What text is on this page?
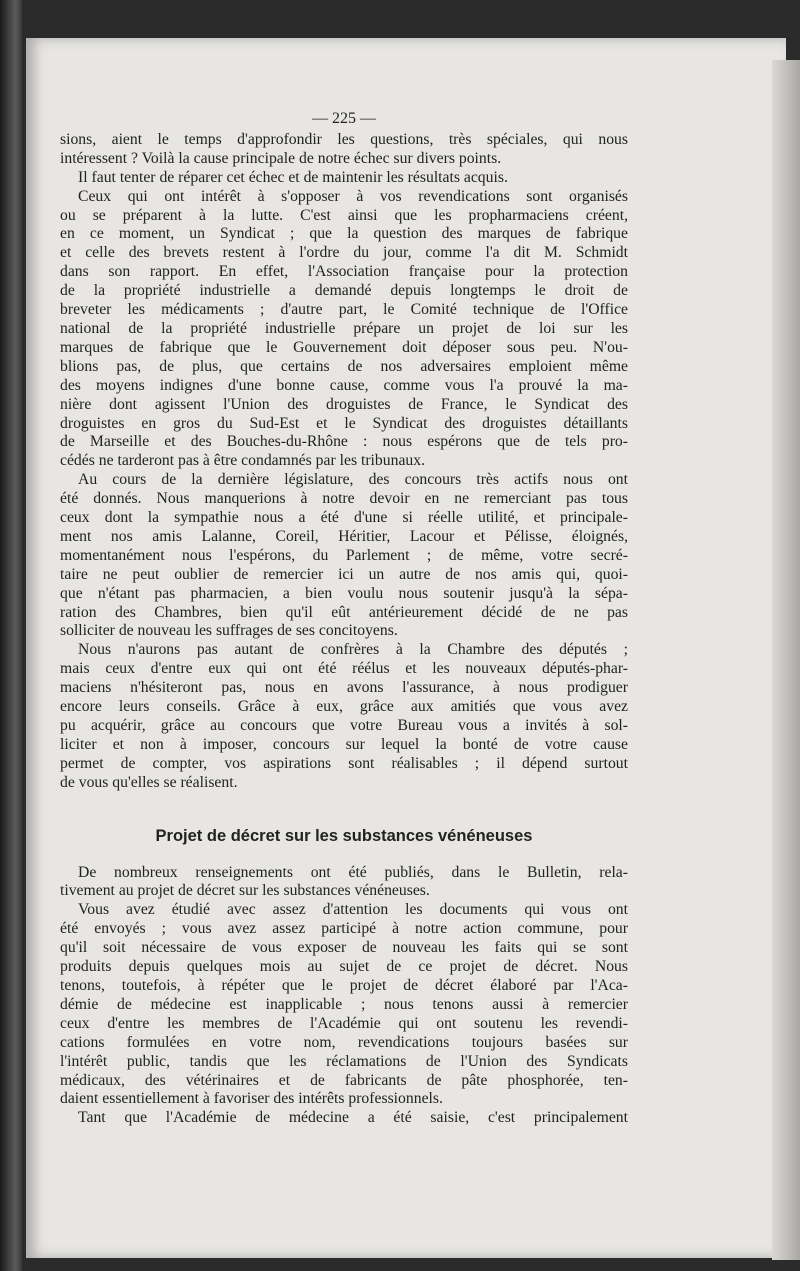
— 225 —
sions, aient le temps d'approfondir les questions, très spéciales, qui nous
intéressent ? Voilà la cause principale de notre échec sur divers points.
Il faut tenter de réparer cet échec et de maintenir les résultats acquis.
Ceux qui ont intérêt à s'opposer à vos revendications sont organisés
ou se préparent à la lutte. C'est ainsi que les propharmaciens créent,
en ce moment, un Syndicat ; que la question des marques de fabrique
et celle des brevets restent à l'ordre du jour, comme l'a dit M. Schmidt
dans son rapport. En effet, l'Association française pour la protection
de la propriété industrielle a demandé depuis longtemps le droit de
breveter les médicaments ; d'autre part, le Comité technique de l'Office
national de la propriété industrielle prépare un projet de loi sur les
marques de fabrique que le Gouvernement doit déposer sous peu. N'ou-
blions pas, de plus, que certains de nos adversaires emploient même
des moyens indignes d'une bonne cause, comme vous l'a prouvé la ma-
nière dont agissent l'Union des droguistes de France, le Syndicat des
droguistes en gros du Sud-Est et le Syndicat des droguistes détaillants
de Marseille et des Bouches-du-Rhône : nous espérons que de tels pro-
cédés ne tarderont pas à être condamnés par les tribunaux.
Au cours de la dernière législature, des concours très actifs nous ont
été donnés. Nous manquerions à notre devoir en ne remerciant pas tous
ceux dont la sympathie nous a été d'une si réelle utilité, et principale-
ment nos amis Lalanne, Coreil, Héritier, Lacour et Pélisse, éloignés,
momentanément nous l'espérons, du Parlement ; de même, votre secré-
taire ne peut oublier de remercier ici un autre de nos amis qui, quoi-
que n'étant pas pharmacien, a bien voulu nous soutenir jusqu'à la sépa-
ration des Chambres, bien qu'il eût antérieurement décidé de ne pas
solliciter de nouveau les suffrages de ses concitoyens.
Nous n'aurons pas autant de confrères à la Chambre des députés ;
mais ceux d'entre eux qui ont été réélus et les nouveaux députés-phar-
maciens n'hésiteront pas, nous en avons l'assurance, à nous prodiguer
encore leurs conseils. Grâce à eux, grâce aux amitiés que vous avez
pu acquérir, grâce au concours que votre Bureau vous a invités à sol-
liciter et non à imposer, concours sur lequel la bonté de votre cause
permet de compter, vos aspirations sont réalisables ; il dépend surtout
de vous qu'elles se réalisent.
Projet de décret sur les substances vénéneuses
De nombreux renseignements ont été publiés, dans le Bulletin, rela-
tivement au projet de décret sur les substances vénéneuses.
Vous avez étudié avec assez d'attention les documents qui vous ont
été envoyés ; vous avez assez participé à notre action commune, pour
qu'il soit nécessaire de vous exposer de nouveau les faits qui se sont
produits depuis quelques mois au sujet de ce projet de décret. Nous
tenons, toutefois, à répéter que le projet de décret élaboré par l'Aca-
démie de médecine est inapplicable ; nous tenons aussi à remercier
ceux d'entre les membres de l'Académie qui ont soutenu les revendi-
cations formulées en votre nom, revendications toujours basées sur
l'intérêt public, tandis que les réclamations de l'Union des Syndicats
médicaux, des vétérinaires et de fabricants de pâte phosphorée, ten-
daient essentiellement à favoriser des intérêts professionnels.
Tant que l'Académie de médecine a été saisie, c'est principalement
